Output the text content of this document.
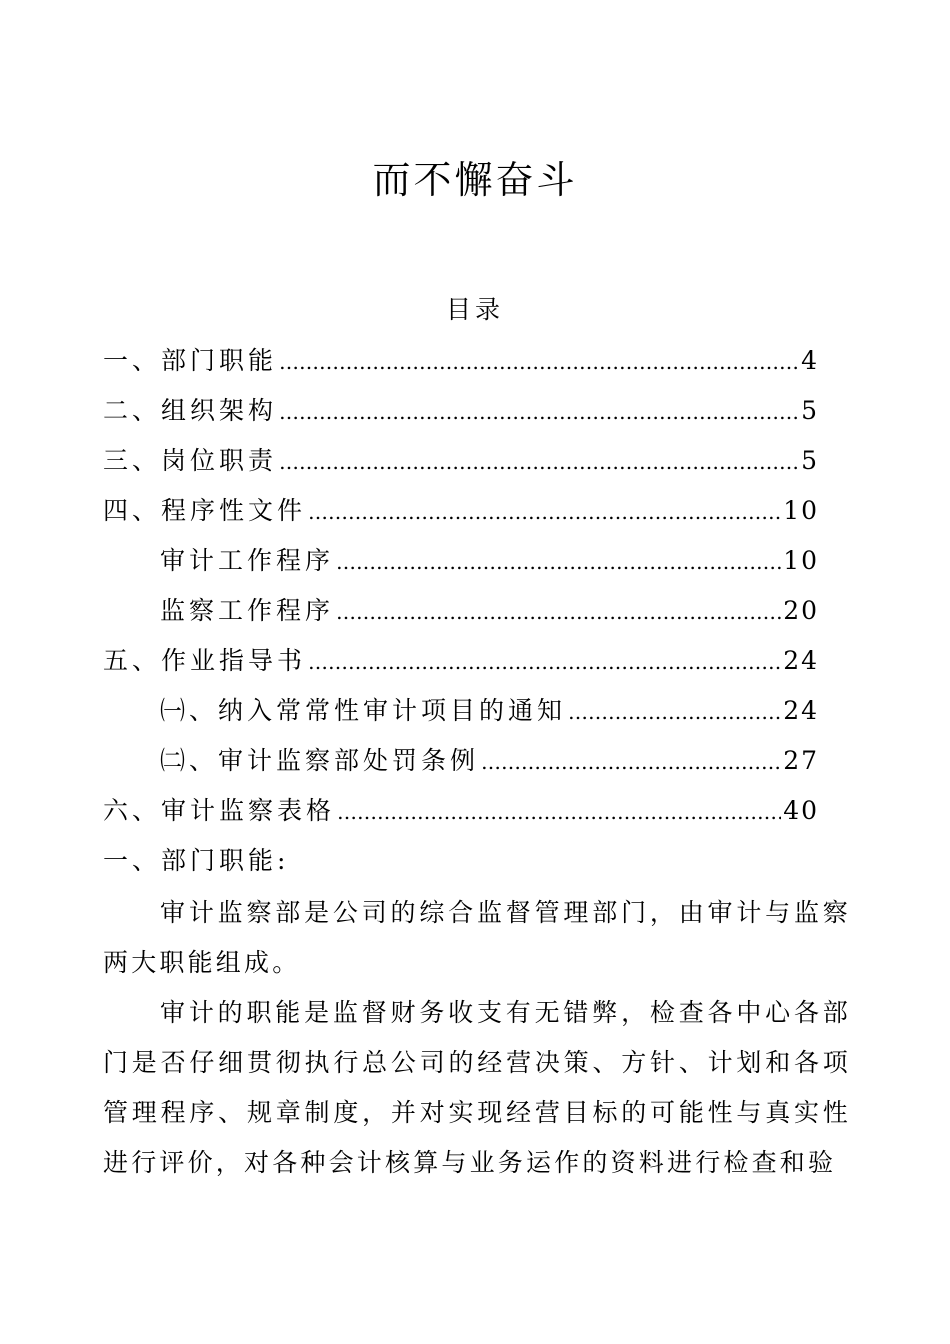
而不懈奋斗
目录
一、部门职能 …………………………………………………………………………………………………………………………………………	4
二、组织架构 …………………………………………………………………………………………………………………………………………	5
三、岗位职责 …………………………………………………………………………………………………………………………………………	5
四、程序性文件 …………………………………………………………………………………………………………………………………………	10
审计工作程序 …………………………………………………………………………………………………………………………………………	10
监察工作程序 …………………………………………………………………………………………………………………………………………	20
五、作业指导书 …………………………………………………………………………………………………………………………………………	24
㈠、纳入常常性审计项目的通知 …………………………………………………………………………………………………………………………………………	24
㈡、审计监察部处罚条例 …………………………………………………………………………………………………………………………………………	27
六、审计监察表格 …………………………………………………………………………………………………………………………………………	40
一、部门职能:
审计监察部是公司的综合监督管理部门，由审计与监察两大职能组成。
审计的职能是监督财务收支有无错弊，检查各中心各部门是否仔细贯彻执行总公司的经营决策、方针、计划和各项管理程序、规章制度，并对实现经营目标的可能性与真实性进行评价，对各种会计核算与业务运作的资料进行检查和验
